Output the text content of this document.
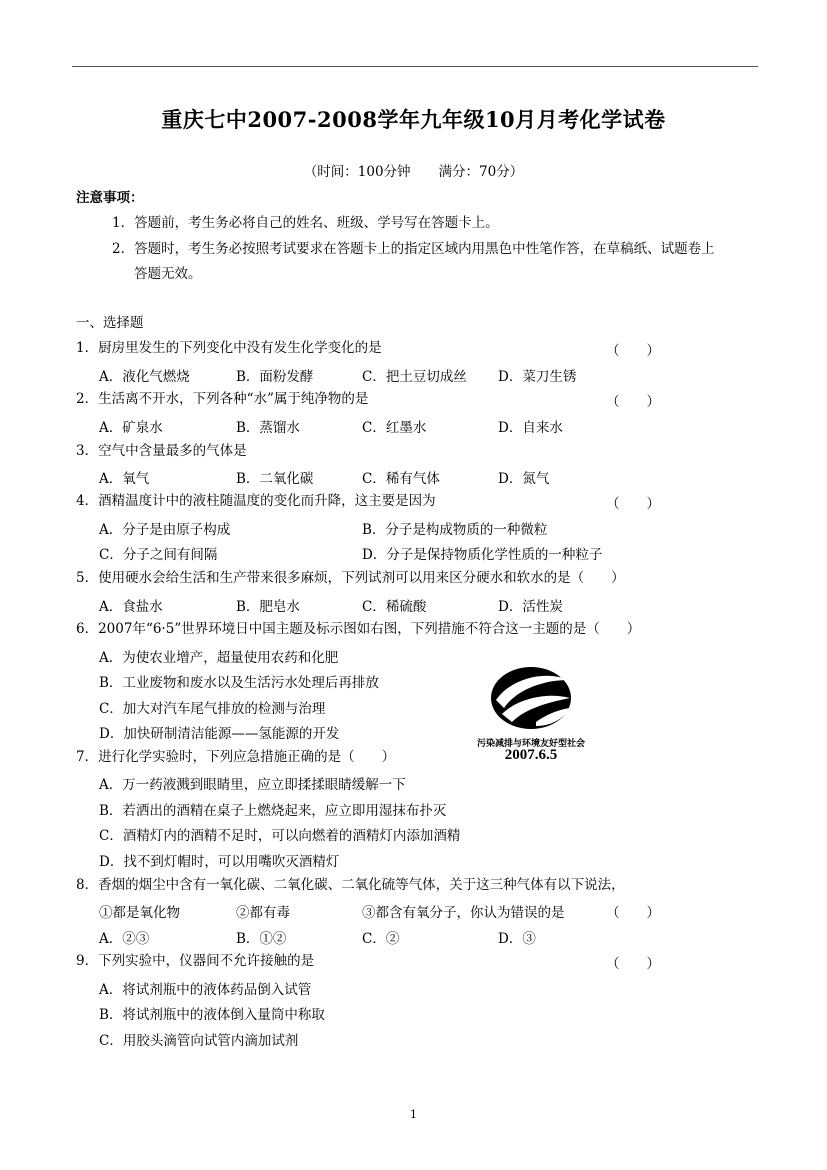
重庆七中2007-2008学年九年级10月月考化学试卷
（时间：100分钟 满分：70分）
注意事项：
1．答题前，考生务必将自己的姓名、班级、学号写在答题卡上。
2．答题时，考生务必按照考试要求在答题卡上的指定区域内用黑色中性笔作答，在草稿纸、试题卷上
答题无效。
一、选择题
1．厨房里发生的下列变化中没有发生化学变化的是	（　　）
A．液化气燃烧	B．面粉发酵	C．把土豆切成丝 D．菜刀生锈
2．生活离不开水，下列各种“水”属于纯净物的是	（　　）
A．矿泉水	B．蒸馏水	C．红墨水	D．自来水
3．空气中含量最多的气体是
A．氧气	B．二氧化碳	C．稀有气体	D．氮气
4．酒精温度计中的液柱随温度的变化而升降，这主要是因为	（　　）
A．分子是由原子构成	B．分子是构成物质的一种微粒
C．分子之间有间隔	D．分子是保持物质化学性质的一种粒子
5．使用硬水会给生活和生产带来很多麻烦，下列试剂可以用来区分硬水和软水的是（　　）
A．食盐水	B．肥皂水	C．稀硫酸	D．活性炭
6．2007年“6·5”世界环境日中国主题及标示图如右图，下列措施不符合这一主题的是（　　）
A．为使农业增产，超量使用农药和化肥
B．工业废物和废水以及生活污水处理后再排放
C．加大对汽车尾气排放的检测与治理
D．加快研制清洁能源——氢能源的开发
污染减排与环境友好型社会
2007.6.5
7．进行化学实验时，下列应急措施正确的是（　　）
A．万一药液溅到眼睛里，应立即揉揉眼睛缓解一下
B．若洒出的酒精在桌子上燃烧起来，应立即用湿抹布扑灭
C．酒精灯内的酒精不足时，可以向燃着的酒精灯内添加酒精
D．找不到灯帽时，可以用嘴吹灭酒精灯
8．香烟的烟尘中含有一氧化碳、二氧化碳、二氧化硫等气体，关于这三种气体有以下说法，
①都是氧化物	②都有毒	③都含有氧分子，你认为错误的是	（　　）
A．②③	B．①②	C．②	D．③
9．下列实验中，仪器间不允许接触的是	（　　）
A．将试剂瓶中的液体药品倒入试管
B．将试剂瓶中的液体倒入量筒中称取
C．用胶头滴管向试管内滴加试剂
1
